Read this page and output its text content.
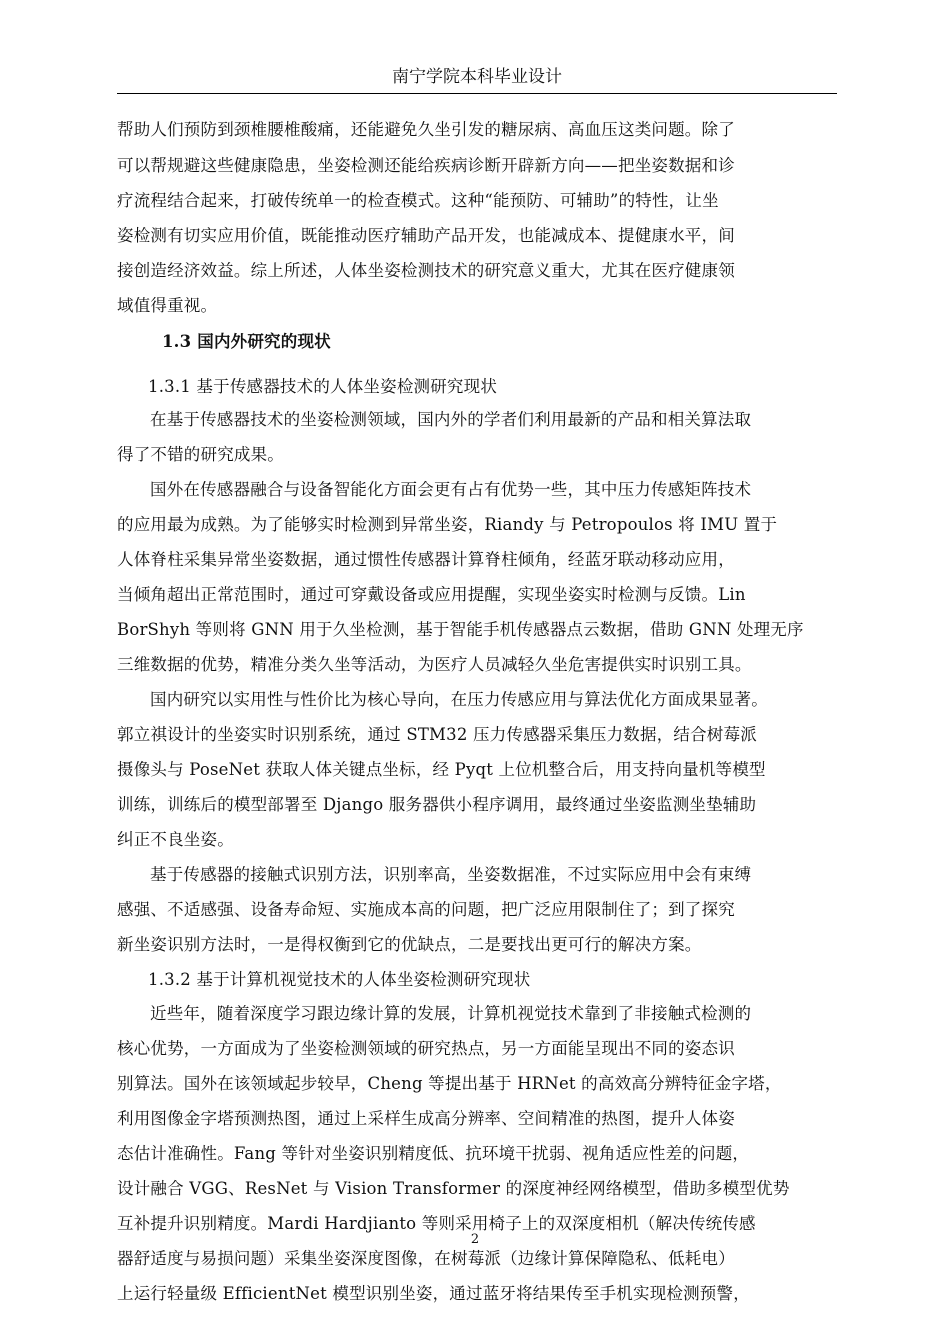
南宁学院本科毕业设计
帮助人们预防到颈椎腰椎酸痛，还能避免久坐引发的糖尿病、高血压这类问题。除了
可以帮规避这些健康隐患，坐姿检测还能给疾病诊断开辟新方向——把坐姿数据和诊
疗流程结合起来，打破传统单一的检查模式。这种“能预防、可辅助”的特性，让坐
姿检测有切实应用价值，既能推动医疗辅助产品开发，也能减成本、提健康水平，间
接创造经济效益。综上所述，人体坐姿检测技术的研究意义重大，尤其在医疗健康领
域值得重视。
1.3 国内外研究的现状
1.3.1 基于传感器技术的人体坐姿检测研究现状
在基于传感器技术的坐姿检测领域，国内外的学者们利用最新的产品和相关算法取
得了不错的研究成果。
国外在传感器融合与设备智能化方面会更有占有优势一些，其中压力传感矩阵技术
的应用最为成熟。为了能够实时检测到异常坐姿，Riandy 与 Petropoulos 将 IMU 置于
人体脊柱采集异常坐姿数据，通过惯性传感器计算脊柱倾角，经蓝牙联动移动应用，
当倾角超出正常范围时，通过可穿戴设备或应用提醒，实现坐姿实时检测与反馈。Lin
BorShyh 等则将 GNN 用于久坐检测，基于智能手机传感器点云数据，借助 GNN 处理无序
三维数据的优势，精准分类久坐等活动，为医疗人员减轻久坐危害提供实时识别工具。
国内研究以实用性与性价比为核心导向，在压力传感应用与算法优化方面成果显著。
郭立祺设计的坐姿实时识别系统，通过 STM32 压力传感器采集压力数据，结合树莓派
摄像头与 PoseNet 获取人体关键点坐标，经 Pyqt 上位机整合后，用支持向量机等模型
训练，训练后的模型部署至 Django 服务器供小程序调用，最终通过坐姿监测坐垫辅助
纠正不良坐姿。
基于传感器的接触式识别方法，识别率高，坐姿数据准，不过实际应用中会有束缚
感强、不适感强、设备寿命短、实施成本高的问题，把广泛应用限制住了；到了探究
新坐姿识别方法时，一是得权衡到它的优缺点，二是要找出更可行的解决方案。
1.3.2 基于计算机视觉技术的人体坐姿检测研究现状
近些年，随着深度学习跟边缘计算的发展，计算机视觉技术靠到了非接触式检测的
核心优势，一方面成为了坐姿检测领域的研究热点，另一方面能呈现出不同的姿态识
别算法。国外在该领域起步较早，Cheng 等提出基于 HRNet 的高效高分辨特征金字塔，
利用图像金字塔预测热图，通过上采样生成高分辨率、空间精准的热图，提升人体姿
态估计准确性。Fang 等针对坐姿识别精度低、抗环境干扰弱、视角适应性差的问题，
设计融合 VGG、ResNet 与 Vision Transformer 的深度神经网络模型，借助多模型优势
互补提升识别精度。Mardi Hardjianto 等则采用椅子上的双深度相机（解决传统传感
器舒适度与易损问题）采集坐姿深度图像，在树莓派（边缘计算保障隐私、低耗电）
上运行轻量级 EfficientNet 模型识别坐姿，通过蓝牙将结果传至手机实现检测预警，
2
